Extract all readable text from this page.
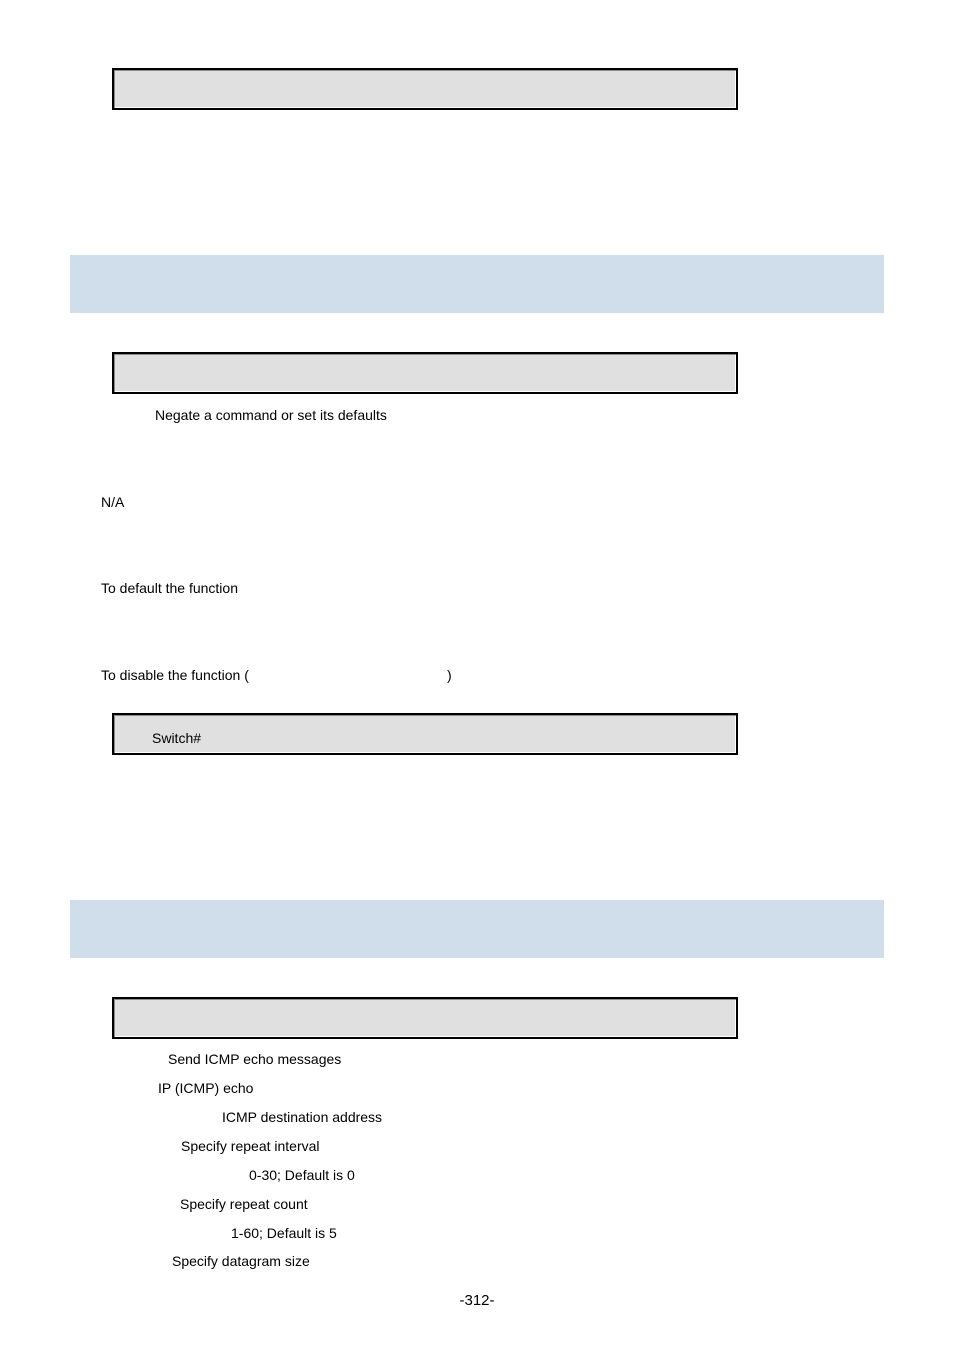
Negate a command or set its defaults
N/A
To default the function
To disable the function (	)
Switch#
Send ICMP echo messages
IP (ICMP) echo
ICMP destination address
Specify repeat interval
0-30; Default is 0
Specify repeat count
1-60; Default is 5
Specify datagram size
-312-
